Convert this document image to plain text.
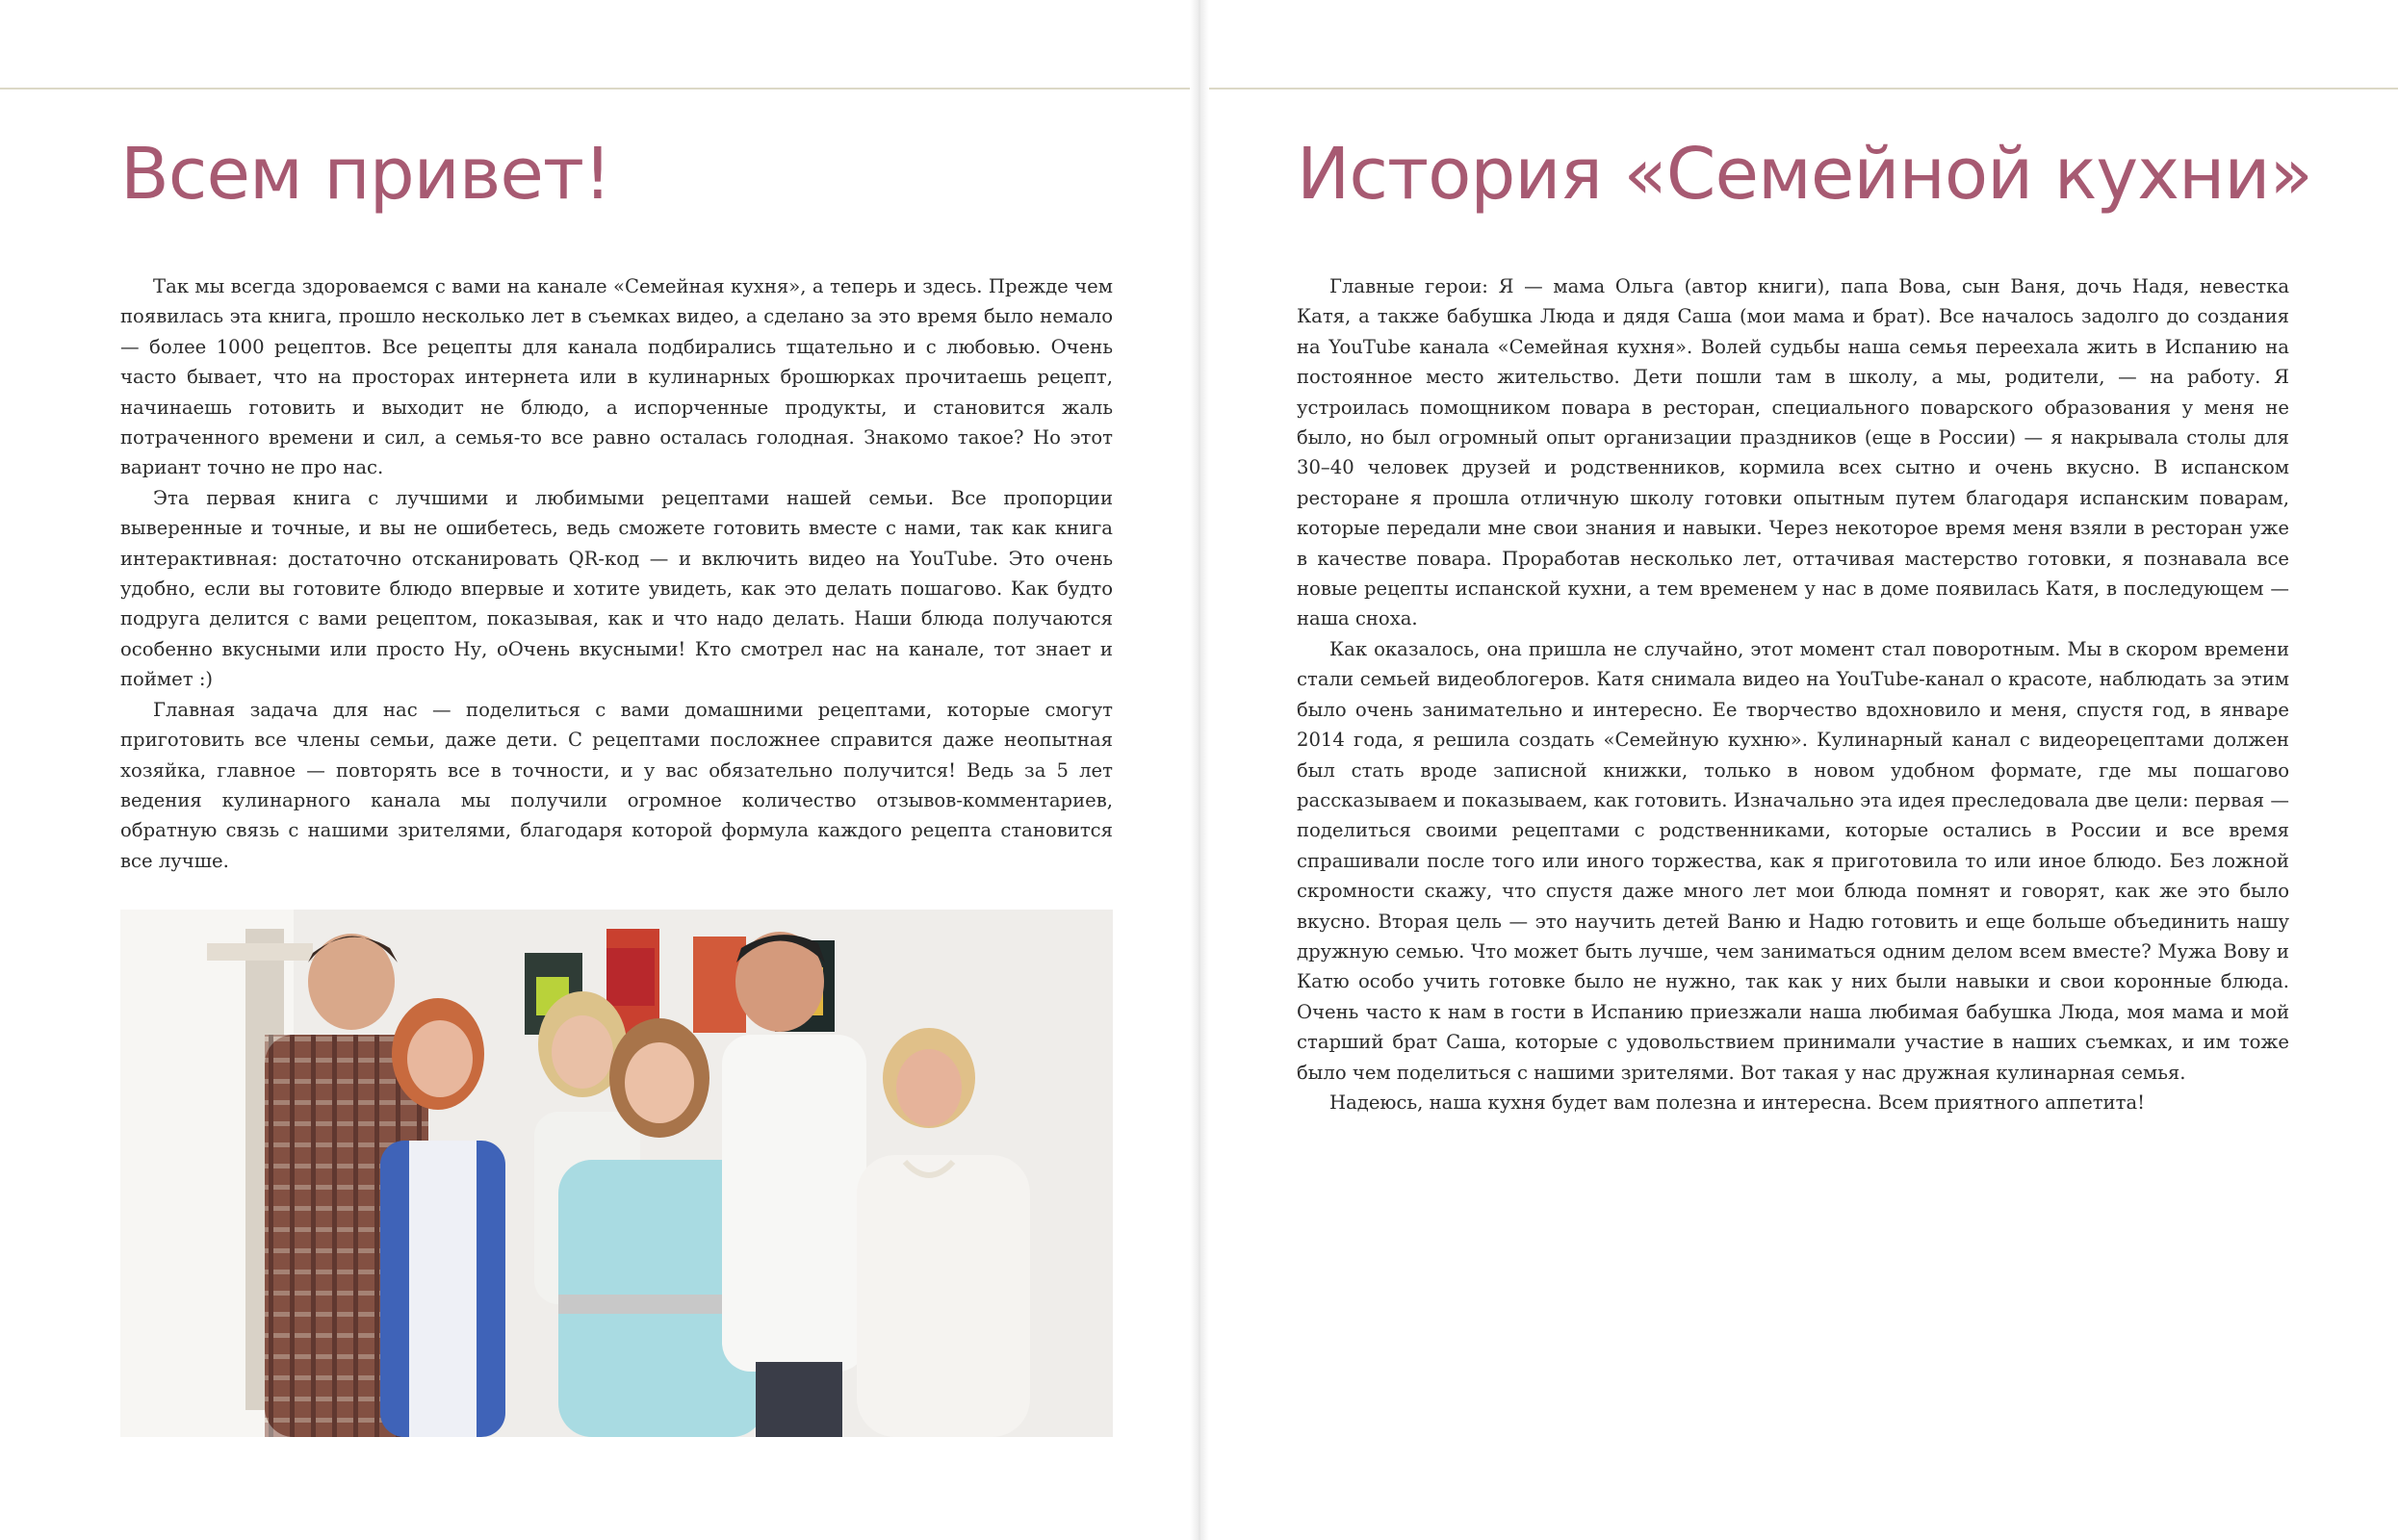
Всем привет!

Так мы всегда здороваемся с вами на канале «Семейная кухня», а теперь и здесь. Прежде чем появилась эта книга, прошло несколько лет в съемках видео, а сделано за это время было немало — более 1000 рецептов. Все рецепты для канала подбирались тщательно и с любовью. Очень часто бывает, что на просторах интернета или в кулинарных брошюрках прочитаешь рецепт, начинаешь готовить и выходит не блюдо, а испорченные продукты, и становится жаль потраченного времени и сил, а семья-то все равно осталась голодная. Знакомо такое? Но этот вариант точно не про нас.

Эта первая книга с лучшими и любимыми рецептами нашей семьи. Все пропорции выверенные и точные, и вы не ошибетесь, ведь сможете готовить вместе с нами, так как книга интерактивная: достаточно отсканировать QR-код — и включить видео на YouTube. Это очень удобно, если вы готовите блюдо впервые и хотите увидеть, как это делать пошагово. Как будто подруга делится с вами рецептом, показывая, как и что надо делать. Наши блюда получаются особенно вкусными или просто Ну, оОчень вкусными! Кто смотрел нас на канале, тот знает и поймет :)

Главная задача для нас — поделиться с вами домашними рецептами, которые смогут приготовить все члены семьи, даже дети. С рецептами посложнее справится даже неопытная хозяйка, главное — повторять все в точности, и у вас обязательно получится! Ведь за 5 лет ведения кулинарного канала мы получили огромное количество отзывов-комментариев, обратную связь с нашими зрителями, благодаря которой формула каждого рецепта становится все лучше.

История «Семейной кухни»

Главные герои: Я — мама Ольга (автор книги), папа Вова, сын Ваня, дочь Надя, невестка Катя, а также бабушка Люда и дядя Саша (мои мама и брат). Все началось задолго до создания на YouTube канала «Семейная кухня». Волей судьбы наша семья переехала жить в Испанию на постоянное место жительство. Дети пошли там в школу, а мы, родители, — на работу. Я устроилась помощником повара в ресторан, специального поварского образования у меня не было, но был огромный опыт организации праздников (еще в России) — я накрывала столы для 30–40 человек друзей и родственников, кормила всех сытно и очень вкусно. В испанском ресторане я прошла отличную школу готовки опытным путем благодаря испанским поварам, которые передали мне свои знания и навыки. Через некоторое время меня взяли в ресторан уже в качестве повара. Проработав несколько лет, оттачивая мастерство готовки, я познавала все новые рецепты испанской кухни, а тем временем у нас в доме появилась Катя, в последующем — наша сноха.

Как оказалось, она пришла не случайно, этот момент стал поворотным. Мы в скором времени стали семьей видеоблогеров. Катя снимала видео на YouTube-канал о красоте, наблюдать за этим было очень занимательно и интересно. Ее творчество вдохновило и меня, спустя год, в январе 2014 года, я решила создать «Семейную кухню». Кулинарный канал с видеорецептами должен был стать вроде записной книжки, только в новом удобном формате, где мы пошагово рассказываем и показываем, как готовить. Изначально эта идея преследовала две цели: первая — поделиться своими рецептами с родственниками, которые остались в России и все время спрашивали после того или иного торжества, как я приготовила то или иное блюдо. Без ложной скромности скажу, что спустя даже много лет мои блюда помнят и говорят, как же это было вкусно. Вторая цель — это научить детей Ваню и Надю готовить и еще больше объединить нашу дружную семью. Что может быть лучше, чем заниматься одним делом всем вместе? Мужа Вову и Катю особо учить готовке было не нужно, так как у них были навыки и свои коронные блюда. Очень часто к нам в гости в Испанию приезжали наша любимая бабушка Люда, моя мама и мой старший брат Саша, которые с удовольствием принимали участие в наших съемках, и им тоже было чем поделиться с нашими зрителями. Вот такая у нас дружная кулинарная семья.

Надеюсь, наша кухня будет вам полезна и интересна. Всем приятного аппетита!
